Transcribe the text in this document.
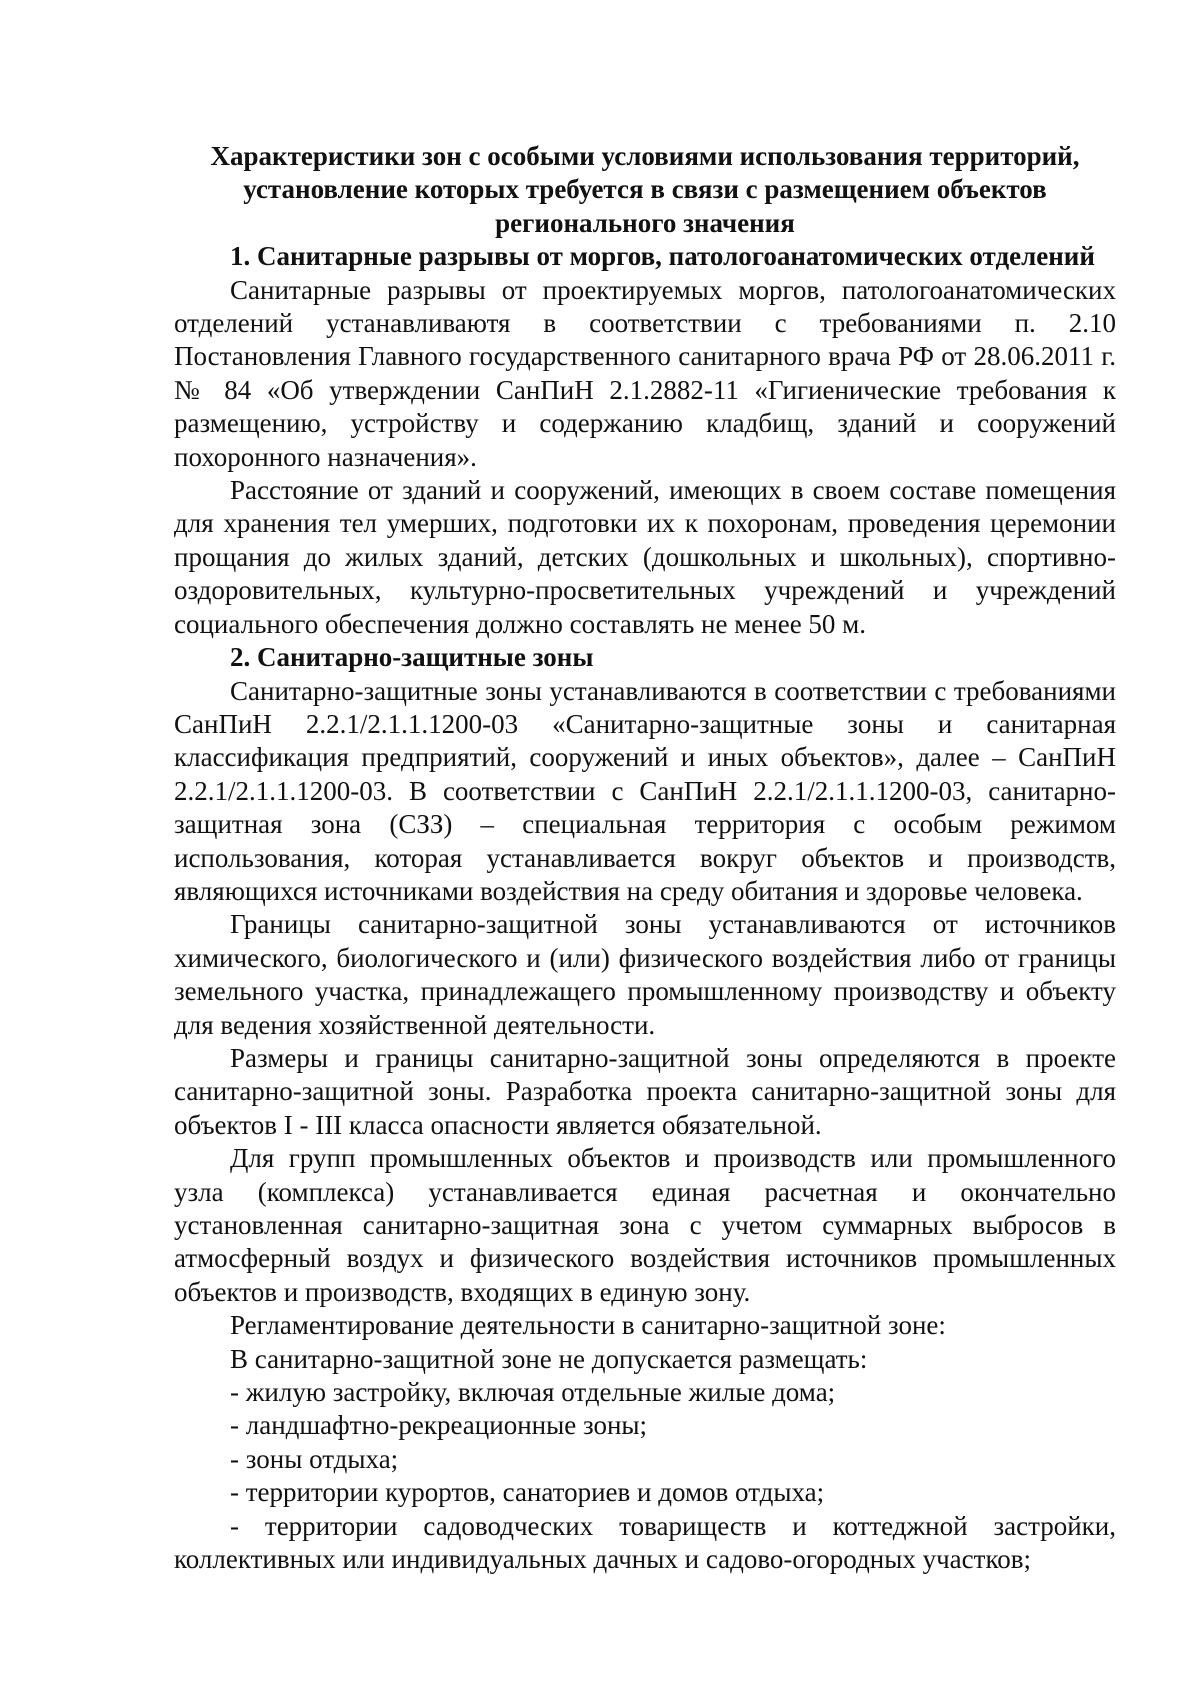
Характеристики зон с особыми условиями использования территорий, установление которых требуется в связи с размещением объектов регионального значения

1. Санитарные разрывы от моргов, патологоанатомических отделений

Санитарные разрывы от проектируемых моргов, патологоанатомических отделений устанавливаютя в соответствии с требованиями п. 2.10 Постановления Главного государственного санитарного врача РФ от 28.06.2011 г. № 84 «Об утверждении СанПиН 2.1.2882-11 «Гигиенические требования к размещению, устройству и содержанию кладбищ, зданий и сооружений похоронного назначения».

Расстояние от зданий и сооружений, имеющих в своем составе помещения для хранения тел умерших, подготовки их к похоронам, проведения церемонии прощания до жилых зданий, детских (дошкольных и школьных), спортивно-оздоровительных, культурно-просветительных учреждений и учреждений социального обеспечения должно составлять не менее 50 м.

2. Санитарно-защитные зоны

Санитарно-защитные зоны устанавливаются в соответствии с требованиями СанПиН 2.2.1/2.1.1.1200-03 «Санитарно-защитные зоны и санитарная классификация предприятий, сооружений и иных объектов», далее – СанПиН 2.2.1/2.1.1.1200-03. В соответствии с СанПиН 2.2.1/2.1.1.1200-03, санитарно-защитная зона (СЗЗ) – специальная территория с особым режимом использования, которая устанавливается вокруг объектов и производств, являющихся источниками воздействия на среду обитания и здоровье человека.

Границы санитарно-защитной зоны устанавливаются от источников химического, биологического и (или) физического воздействия либо от границы земельного участка, принадлежащего промышленному производству и объекту для ведения хозяйственной деятельности.

Размеры и границы санитарно-защитной зоны определяются в проекте санитарно-защитной зоны. Разработка проекта санитарно-защитной зоны для объектов I - III класса опасности является обязательной.

Для групп промышленных объектов и производств или промышленного узла (комплекса) устанавливается единая расчетная и окончательно установленная санитарно-защитная зона с учетом суммарных выбросов в атмосферный воздух и физического воздействия источников промышленных объектов и производств, входящих в единую зону.

Регламентирование деятельности в санитарно-защитной зоне:

В санитарно-защитной зоне не допускается размещать:

- жилую застройку, включая отдельные жилые дома;

- ландшафтно-рекреационные зоны;

- зоны отдыха;

- территории курортов, санаториев и домов отдыха;

- территории садоводческих товариществ и коттеджной застройки, коллективных или индивидуальных дачных и садово-огородных участков;
